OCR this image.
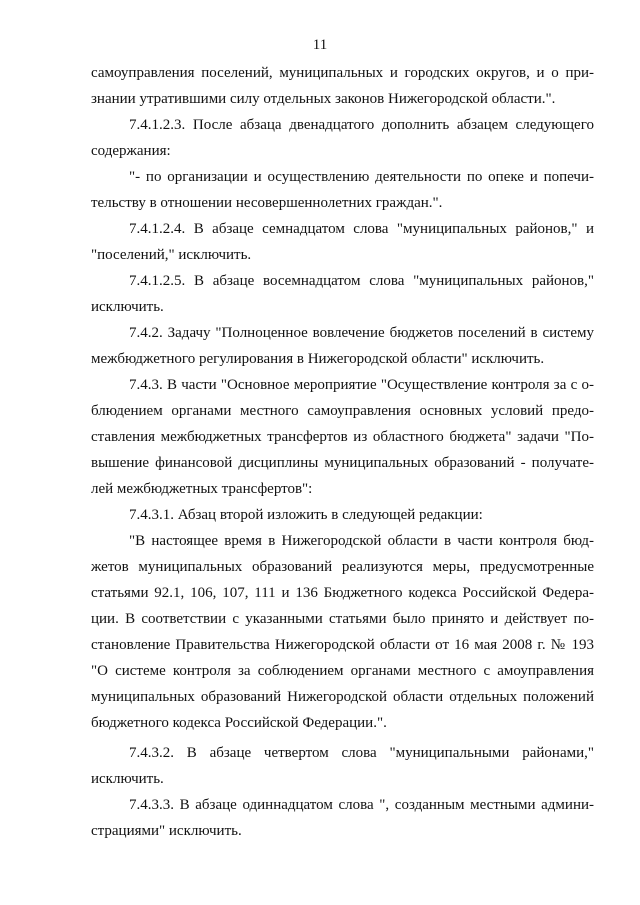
11
самоуправления поселений, муниципальных и городских округов, и о при-
знании утратившими силу отдельных законов Нижегородской области.".
7.4.1.2.3. После абзаца двенадцатого дополнить абзацем следующего
содержания:
"- по организации и осуществлению деятельности по опеке и попечи-
тельству в отношении несовершеннолетних граждан.".
7.4.1.2.4. В абзаце семнадцатом слова "муниципальных районов," и
"поселений," исключить.
7.4.1.2.5. В абзаце восемнадцатом слова "муниципальных районов,"
исключить.
7.4.2. Задачу "Полноценное вовлечение бюджетов поселений в систему
межбюджетного регулирования в Нижегородской области" исключить.
7.4.3. В части "Основное мероприятие "Осуществление контроля за с о-
блюдением органами местного самоуправления основных условий предо-
ставления межбюджетных трансфертов из областного бюджета" задачи "По-
вышение финансовой дисциплины муниципальных образований - получате-
лей межбюджетных трансфертов":
7.4.3.1. Абзац второй изложить в следующей редакции:
"В настоящее время в Нижегородской области в части контроля бюд-
жетов муниципальных образований реализуются меры, предусмотренные
статьями 92.1, 106, 107, 111 и 136 Бюджетного кодекса Российской Федера-
ции. В соответствии с указанными статьями было принято и действует по-
становление Правительства Нижегородской области от 16 мая 2008 г. № 193
"О системе контроля за соблюдением органами местного с амоуправления
муниципальных образований Нижегородской области отдельных положений
бюджетного кодекса Российской Федерации.".
7.4.3.2. В абзаце четвертом слова "муниципальными районами,"
исключить.
7.4.3.3. В абзаце одиннадцатом слова ", созданным местными админи-
страциями" исключить.
